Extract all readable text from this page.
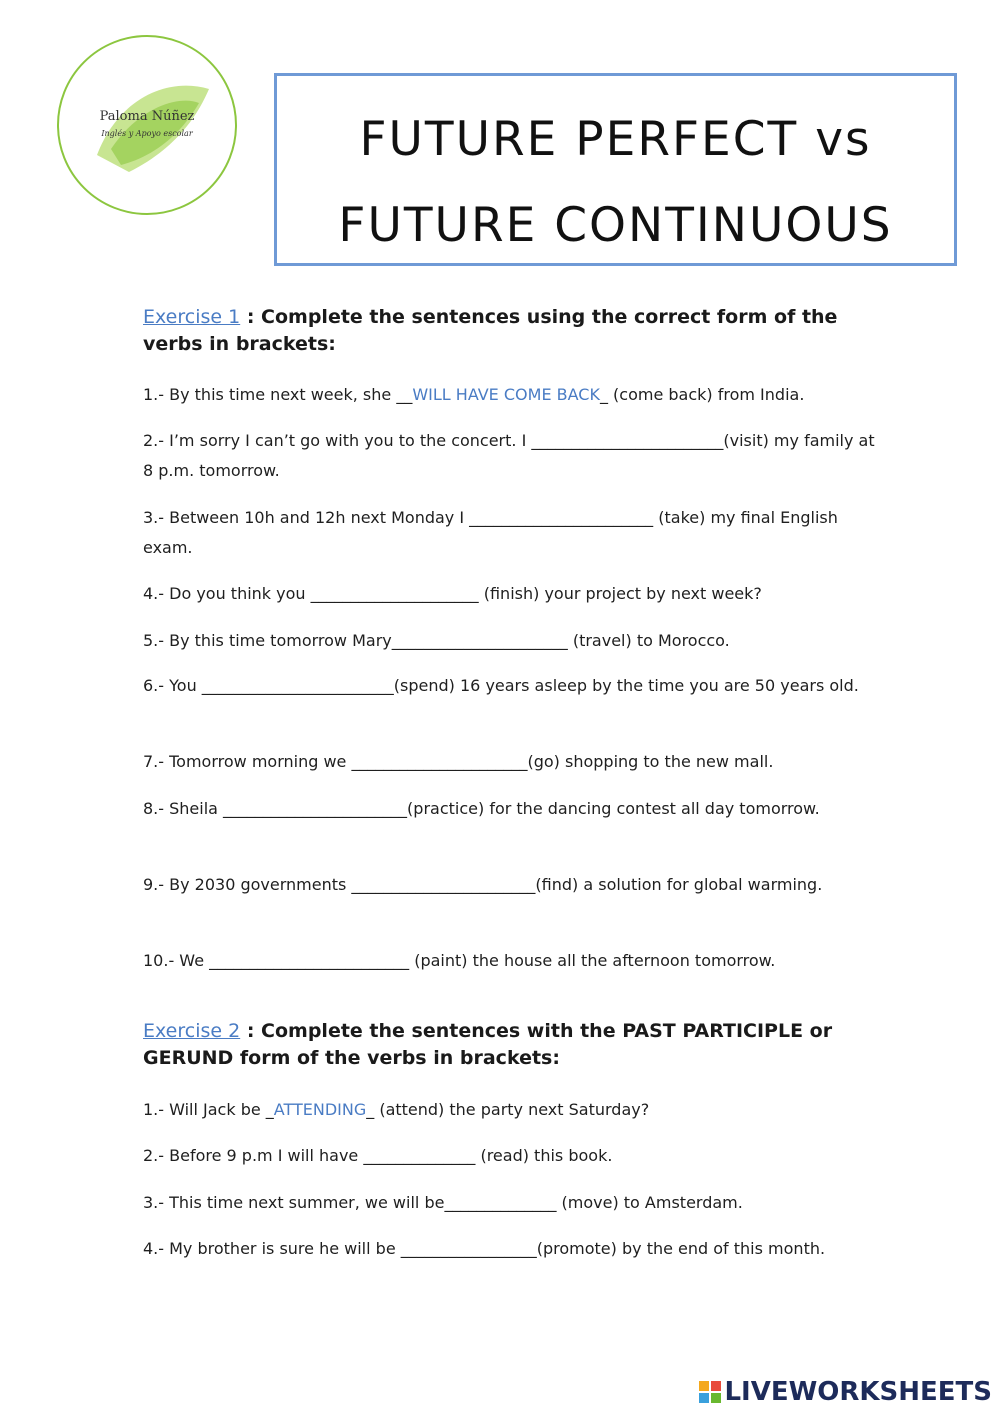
Paloma Núñez
Inglés y Apoyo escolar	FUTURE PERFECT vs
FUTURE CONTINUOUS
Exercise 1 : Complete the sentences using the correct form of the verbs in brackets:
1.- By this time next week, she __WILL HAVE COME BACK_ (come back) from India.
2.- I’m sorry I can’t go with you to the concert. I ________________________(visit) my family at 8 p.m. tomorrow.
3.- Between 10h and 12h next Monday I _______________________ (take) my final English exam.
4.- Do you think you _____________________ (finish) your project by next week?
5.- By this time tomorrow Mary______________________ (travel) to Morocco.
6.- You ________________________(spend) 16 years asleep by the time you are 50 years old.
7.- Tomorrow morning we ______________________(go) shopping to the new mall.
8.- Sheila _______________________(practice) for the dancing contest all day tomorrow.
9.- By 2030 governments _______________________(find) a solution for global warming.
10.- We _________________________ (paint) the house all the afternoon tomorrow.
Exercise 2 : Complete the sentences with the PAST PARTICIPLE or GERUND form of the verbs in brackets:
1.- Will Jack be _ATTENDING_ (attend) the party next Saturday?
2.- Before 9 p.m I will have ______________ (read) this book.
3.- This time next summer, we will be______________ (move) to Amsterdam.
4.- My brother is sure he will be _________________(promote) by the end of this month.
LIVEWORKSHEETS
